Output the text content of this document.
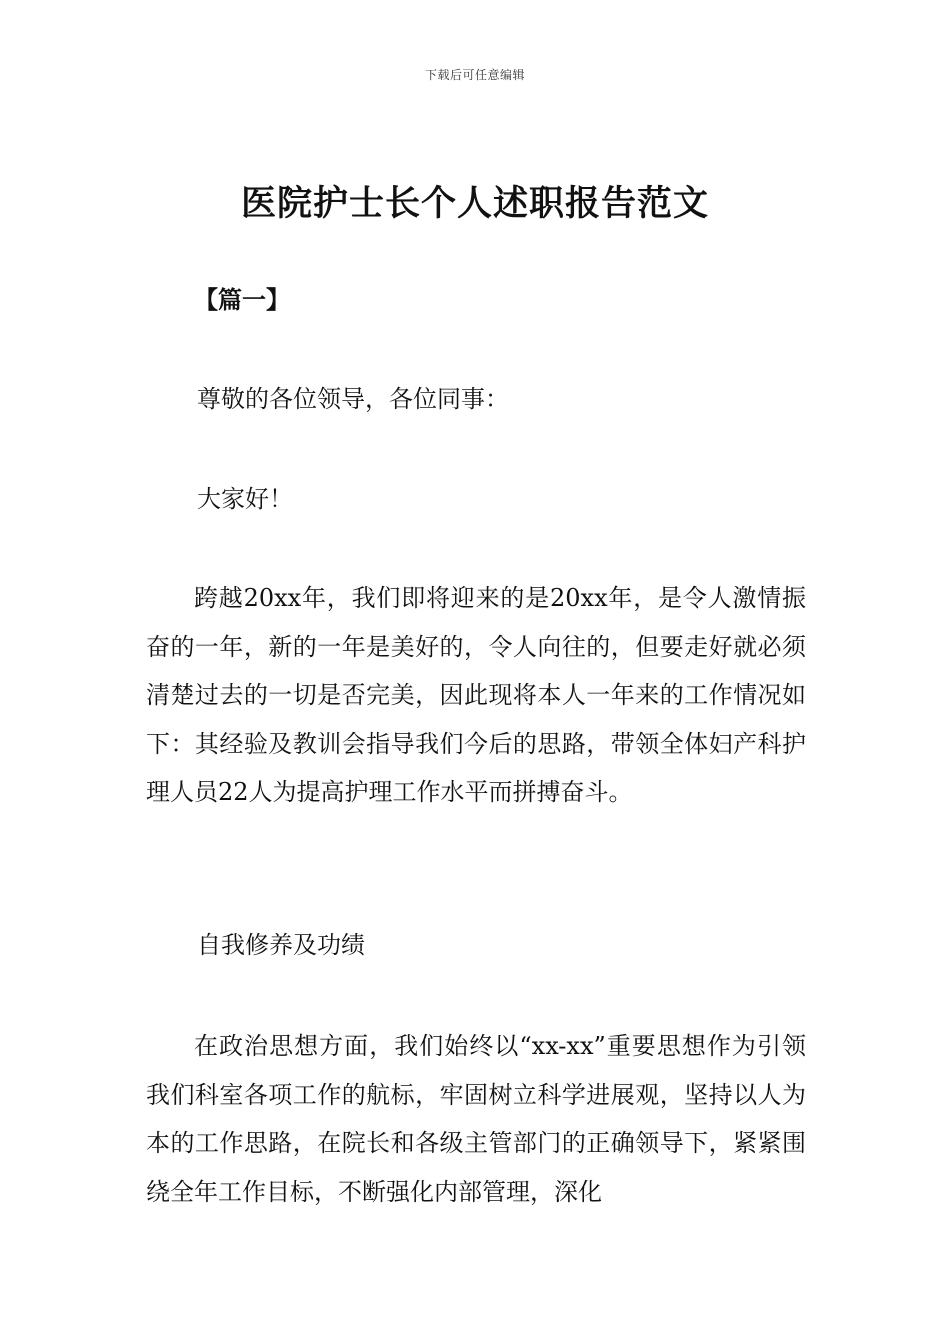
下载后可任意编辑
医院护士长个人述职报告范文
【篇一】
尊敬的各位领导，各位同事：
大家好！

跨越20xx年，我们即将迎来的是20xx年，是令人激情振奋的一年，新的一年是美好的，令人向往的，但要走好就必须清楚过去的一切是否完美，因此现将本人一年来的工作情况如下：其经验及教训会指导我们今后的思路，带领全体妇产科护理人员22人为提高护理工作水平而拼搏奋斗。

自我修养及功绩

在政治思想方面，我们始终以“xx-xx”重要思想作为引领我们科室各项工作的航标，牢固树立科学进展观，坚持以人为本的工作思路，在院长和各级主管部门的正确领导下，紧紧围绕全年工作目标，不断强化内部管理，深化
